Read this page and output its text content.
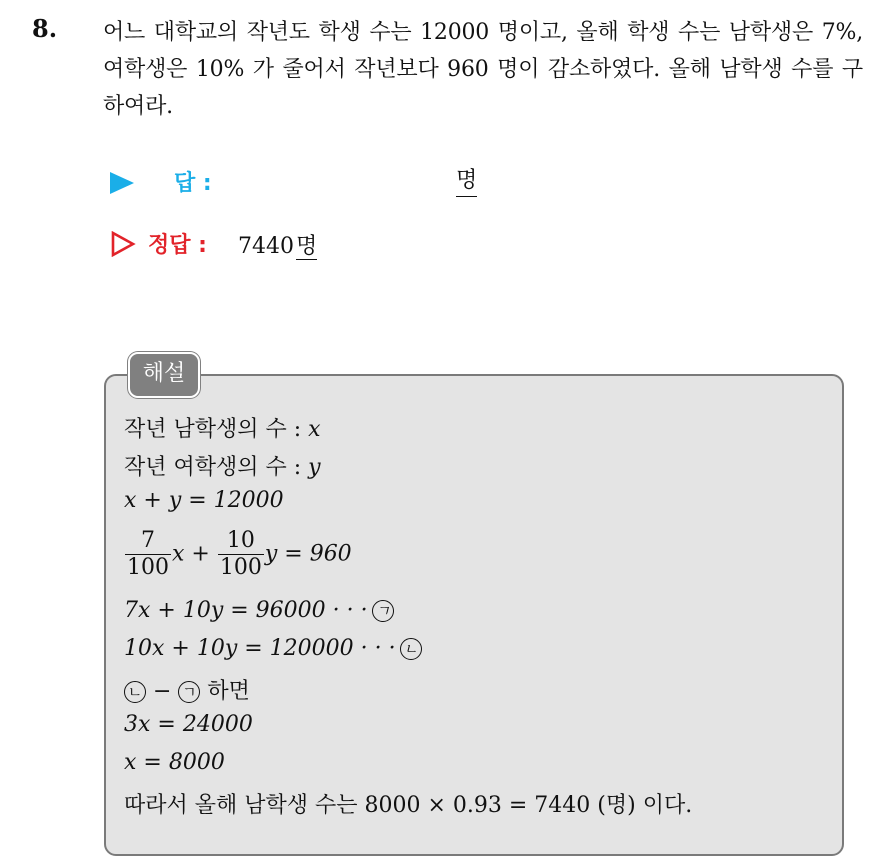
8. 어느 대학교의 작년도 학생 수는 12000 명이고, 올해 학생 수는 남학생은 7%, 여학생은 10% 가 줄어서 작년보다 960 명이 감소하였다. 올해 남학생 수를 구하여라.
답 :	명
정답 : 7440명
해설
작년 남학생의 수 : x
작년 여학생의 수 : y
x + y = 12000
$\frac{7}{100}$ $x + \frac{10}{100}$ y = 960
7x + 10y = 96000 · · · ㄱ
10x + 10y = 120000 · · · ㄴ
ㄴ − ㄱ 하면
3x = 24000
x = 8000
따라서 올해 남학생 수는 8000 × 0.93 = 7440 (명) 이다.
